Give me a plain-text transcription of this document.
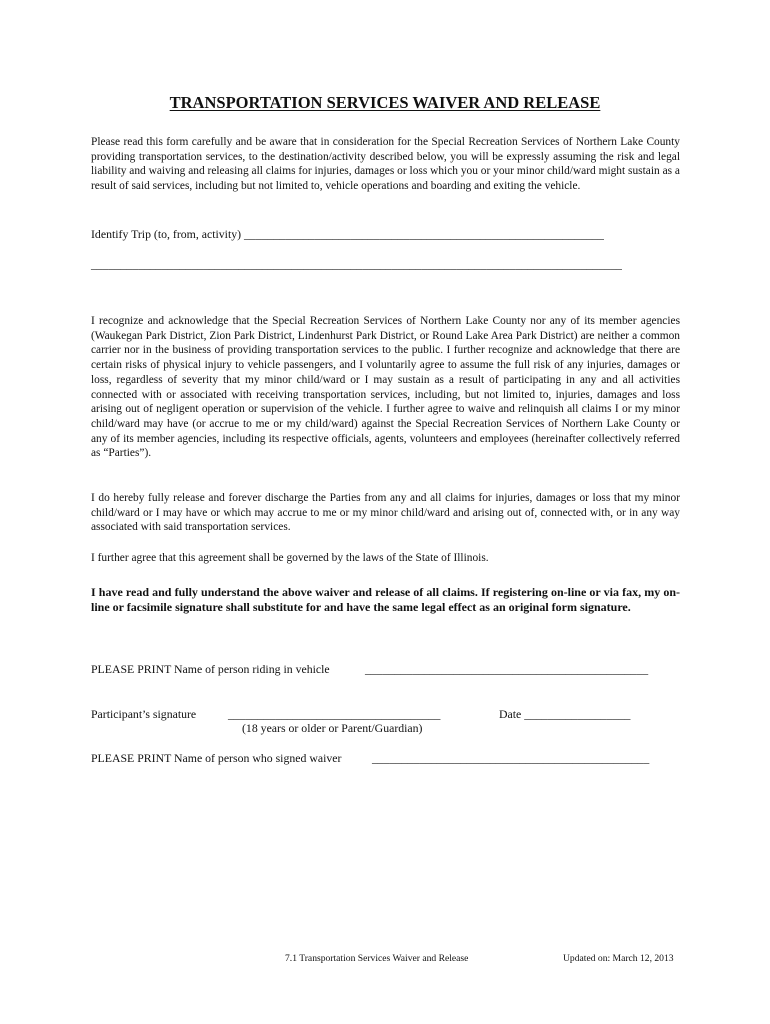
TRANSPORTATION SERVICES WAIVER AND RELEASE

Please read this form carefully and be aware that in consideration for the Special Recreation Services of Northern Lake County providing transportation services, to the destination/activity described below, you will be expressly assuming the risk and legal liability and waiving and releasing all claims for injuries, damages or loss which you or your minor child/ward might sustain as a result of said services, including but not limited to, vehicle operations and boarding and exiting the vehicle.

Identify Trip (to, from, activity) _____________________________________________________________
__________________________________________________________________________________________

I recognize and acknowledge that the Special Recreation Services of Northern Lake County nor any of its member agencies (Waukegan Park District, Zion Park District, Lindenhurst Park District, or Round Lake Area Park District) are neither a common carrier nor in the business of providing transportation services to the public. I further recognize and acknowledge that there are certain risks of physical injury to vehicle passengers, and I voluntarily agree to assume the full risk of any injuries, damages or loss, regardless of severity that my minor child/ward or I may sustain as a result of participating in any and all activities connected with or associated with receiving transportation services, including, but not limited to, injuries, damages and loss arising out of negligent operation or supervision of the vehicle. I further agree to waive and relinquish all claims I or my minor child/ward may have (or accrue to me or my child/ward) against the Special Recreation Services of Northern Lake County or any of its member agencies, including its respective officials, agents, volunteers and employees (hereinafter collectively referred as “Parties”).

I do hereby fully release and forever discharge the Parties from any and all claims for injuries, damages or loss that my minor child/ward or I may have or which may accrue to me or my minor child/ward and arising out of, connected with, or in any way associated with said transportation services.

I further agree that this agreement shall be governed by the laws of the State of Illinois.

I have read and fully understand the above waiver and release of all claims. If registering on-line or via fax, my on-line or facsimile signature shall substitute for and have the same legal effect as an original form signature.

PLEASE PRINT Name of person riding in vehicle	________________________________________________
Participant’s signature	____________________________________	Date __________________
(18 years or older or Parent/Guardian)
PLEASE PRINT Name of person who signed waiver	_______________________________________________
7.1 Transportation Services Waiver and Release	Updated on: March 12, 2013
